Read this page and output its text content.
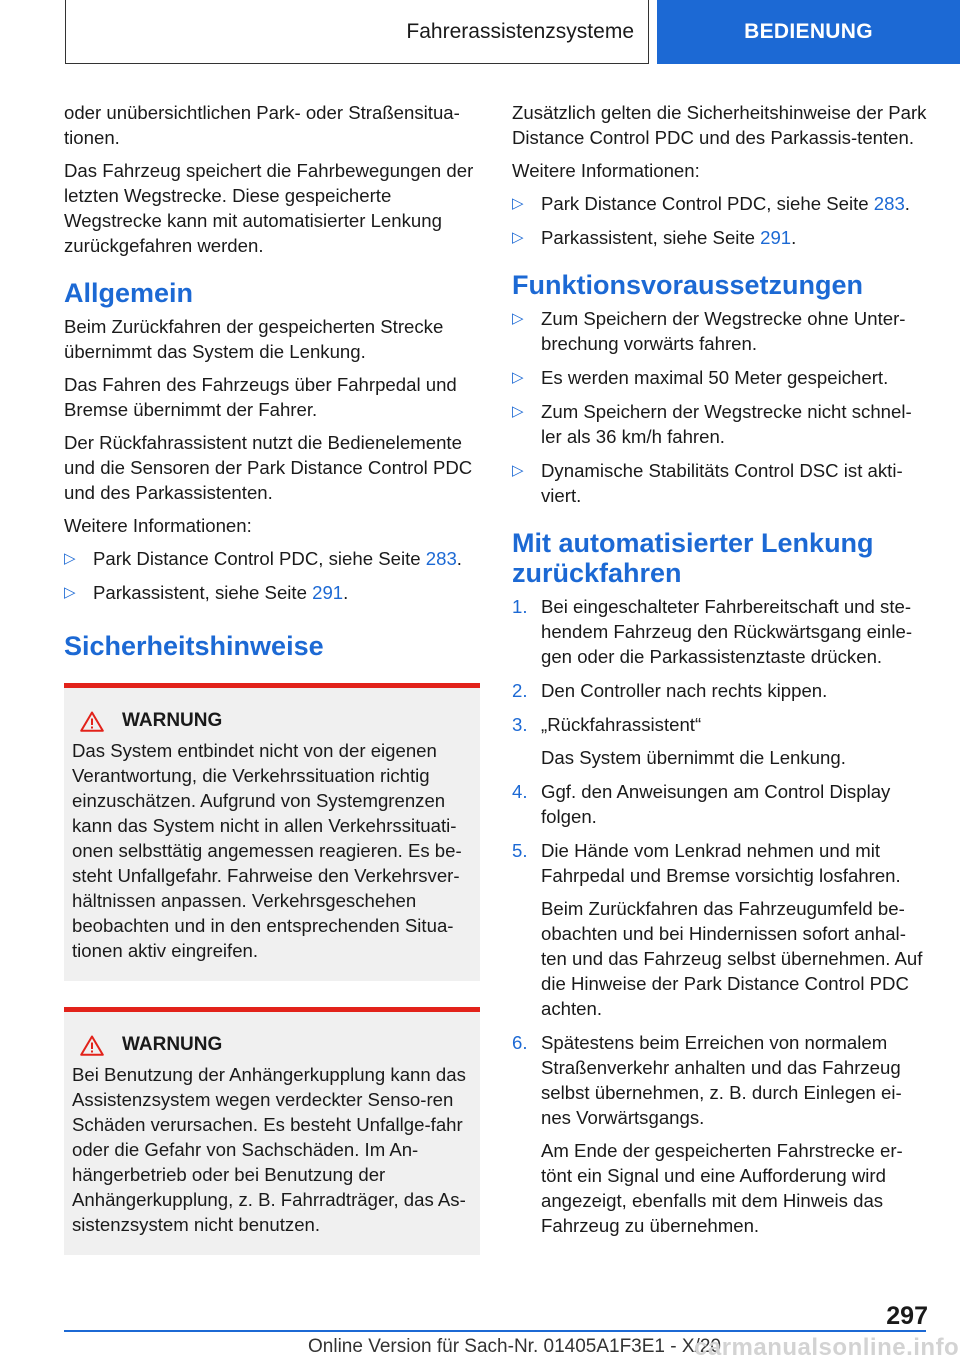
Fahrerassistenzsysteme	BEDIENUNG

oder unübersichtlichen Park- oder Straßensitua-tionen.

Das Fahrzeug speichert die Fahrbewegungen der letzten Wegstrecke. Diese gespeicherte Wegstrecke kann mit automatisierter Lenkung zurückgefahren werden.

Allgemein

Beim Zurückfahren der gespeicherten Strecke übernimmt das System die Lenkung.

Das Fahren des Fahrzeugs über Fahrpedal und Bremse übernimmt der Fahrer.

Der Rückfahrassistent nutzt die Bedienelemente und die Sensoren der Park Distance Control PDC und des Parkassistenten.

Weitere Informationen:

▷ Park Distance Control PDC, siehe Seite 283.
▷ Parkassistent, siehe Seite 291.
Sicherheitshinweise
WARNUNG

Das System entbindet nicht von der eigenen Verantwortung, die Verkehrssituation richtig einzuschätzen. Aufgrund von Systemgrenzen kann das System nicht in allen Verkehrssituati-onen selbsttätig angemessen reagieren. Es be-steht Unfallgefahr. Fahrweise den Verkehrsver-hältnissen anpassen. Verkehrsgeschehen beobachten und in den entsprechenden Situa-tionen aktiv eingreifen.

WARNUNG

Bei Benutzung der Anhängerkupplung kann das Assistenzsystem wegen verdeckter Senso-ren Schäden verursachen. Es besteht Unfallge-fahr oder die Gefahr von Sachschäden. Im An-hängerbetrieb oder bei Benutzung der Anhängerkupplung, z. B. Fahrradträger, das As-sistenzsystem nicht benutzen.

Zusätzlich gelten die Sicherheitshinweise der Park Distance Control PDC und des Parkassis-tenten.

Weitere Informationen:

▷ Park Distance Control PDC, siehe Seite 283.
▷ Parkassistent, siehe Seite 291.
Funktionsvoraussetzungen
▷ Zum Speichern der Wegstrecke ohne Unter-brechung vorwärts fahren.
▷ Es werden maximal 50 Meter gespeichert.
▷ Zum Speichern der Wegstrecke nicht schnel-ler als 36 km/h fahren.
▷ Dynamische Stabilitäts Control DSC ist akti-viert.
Mit automatisierter Lenkung zurückfahren
1. Bei eingeschalteter Fahrbereitschaft und ste-hendem Fahrzeug den Rückwärtsgang einle-gen oder die Parkassistenztaste drücken.
2. Den Controller nach rechts kippen.
3. „Rückfahrassistent“
Das System übernimmt die Lenkung.
4. Ggf. den Anweisungen am Control Display folgen.
5. Die Hände vom Lenkrad nehmen und mit Fahrpedal und Bremse vorsichtig losfahren.
Beim Zurückfahren das Fahrzeugumfeld be-obachten und bei Hindernissen sofort anhal-ten und das Fahrzeug selbst übernehmen. Auf die Hinweise der Park Distance Control PDC achten.
6. Spätestens beim Erreichen von normalem Straßenverkehr anhalten und das Fahrzeug selbst übernehmen, z. B. durch Einlegen ei-nes Vorwärtsgangs.
Am Ende der gespeicherten Fahrstrecke er-tönt ein Signal und eine Aufforderung wird angezeigt, ebenfalls mit dem Hinweis das Fahrzeug zu übernehmen.
297
Online Version für Sach-Nr. 01405A1F3E1 - X/20
carmanualsonline.info
